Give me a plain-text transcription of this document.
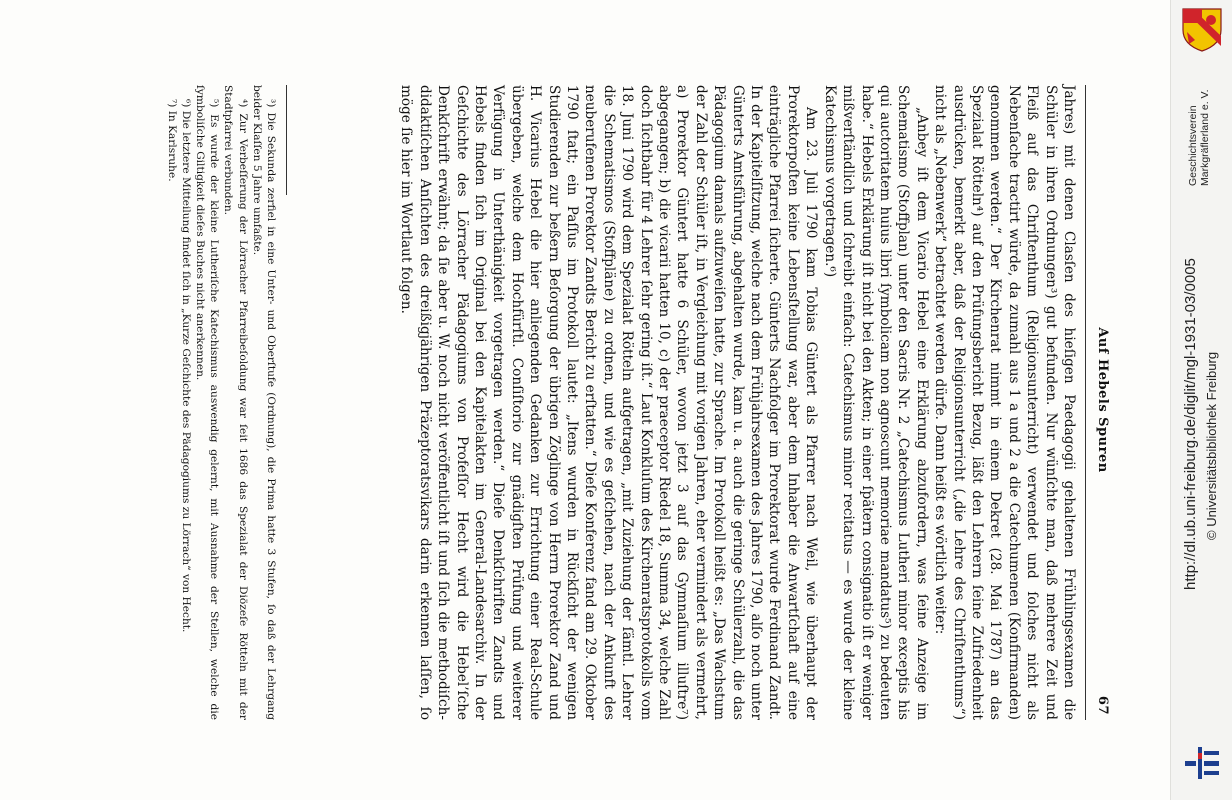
Auf Hebels Spuren
67

Jahres) mit denen Clasſen des hieſigen Paedagogii gehaltenen Frühlingsexamen die Schüler in ihren Ordnungen³) gut befunden. Nur wünſchte man, daß mehrere Zeit und Fleiß auf das Chriſtenthum (Religionsunterricht) verwendet und ſolches nicht als Nebenſache tractirt würde, da zumahl aus 1 a und 2 a die Catechumenen (Konfirmanden) genommen werden.“ Der Kirchenrat nimmt in einem Dekret (28. Mai 1787) an das Spezialat Rötteln⁴) auf den Prüfungsbericht Bezug, läßt den Lehrern ſeine Zufriedenheit ausdrücken, bemerkt aber, daß der Religionsunterricht („die Lehre des Chriſtenthums“) nicht als „Nebenwerk“ betrachtet werden dürfe. Dann heißt es wörtlich weiter:

„Anbey iſt dem Vicario Hebel eine Erklärung abzufordern, was ſeine Anzeige im Schematismo (Stoffplan) unter den Sacris Nr. 2 „Catechismus Lutheri minor exceptis his qui auctoritatem huius libri ſymbolicam non agnoscunt memoriae mandatus⁵) zu bedeuten habe.“ Hebels Erklärung iſt nicht bei den Akten; in einer ſpätern consignatio iſt er weniger mißverſtändlich und ſchreibt einfach: Catechismus minor recitatus — es wurde der kleine Katechismus vorgetragen.⁶)

Am 23. Juli 1790 kam Tobias Güntert als Pfarrer nach Weil, wie überhaupt der Prorektorpoſten keine Lebensſtellung war, aber dem Inhaber die Anwartſchaft auf eine einträgliche Pfarrei ſicherte. Günterts Nachfolger im Prorektorat wurde Ferdinand Zandt. In der Kapitelſitzung, welche nach dem Frühjahrsexamen des Jahres 1790, alſo noch unter Günterts Amtsführung, abgehalten wurde, kam u. a. auch die geringe Schülerzahl, die das Pädagogium damals aufzuweiſen hatte, zur Sprache. Im Protokoll heißt es: „Das Wachstum der Zahl der Schüler iſt, in Vergleichung mit vorigen Jahren, eher vermindert als vermehrt, a) Prorektor Güntert hatte 6 Schüler, wovon jetzt 3 auf das Gymnaſium illuſtre⁷) abgegangen; b) die vicarii hatten 10, c) der praeceptor Riedel 18, Summa 34, welche Zahl doch ſichtbahr für 4 Lehrer ſehr gering iſt.“ Laut Konkluſum des Kirchenratsprotokolls vom 18. Juni 1790 wird dem Spezialat Rötteln aufgetragen, „mit Zuziehung der ſämtl. Lehrer die Schematismos (Stoffpläne) zu ordnen, und wie es geſchehen, nach der Ankunft des neuberufenen Prorektor Zandts Bericht zu erſtatten.“ Dieſe Konferenz fand am 29. Oktober 1790 ſtatt; ein Paſſus im Protokoll lautet: „Itens wurden in Rückſicht der wenigen Studierenden zur beßern Beſorgung der übrigen Zöglinge von Herrn Prorektor Zand und H. Vicarius Hebel die hier anliegenden Gedanken zur Errichtung einer Real-Schule übergeben, welche dem Hochfürſtl. Conſiſtorio zur gnädigſten Prüfung und weiterer Verfügung in Unterthänigkeit vorgetragen werden.“ Dieſe Denkſchriften Zandts und Hebels finden ſich im Original bei den Kapitelakten im General-Landesarchiv. In der Geſchichte des Lörracher Pädagogiums von Profeſſor Hecht wird die Hebel’ſche Denkſchrift erwähnt; da ſie aber u. W. noch nicht veröffentlicht iſt und ſich die methodiſch-didaktiſchen Anſichten des dreißigjährigen Präzeptoratsvikars darin erkennen laſſen, ſo möge ſie hier im Wortlaut folgen.

³) Die Sekunda zerfiel in eine Unter- und Oberſtufe (Ordnung), die Prima hatte 3 Stufen, ſo daß der Lehrgang beider Klaſſen 5 Jahre umfaßte.

⁴) Zur Verbeſſerung der Lörracher Pfarreibeſoldung war ſeit 1686 das Spezialat der Diözeſe Rötteln mit der Stadtpfarrei verbunden.

⁵) Es wurde der kleine Lutheriſche Katechismus auswendig gelernt, mit Ausnahme der Stellen, welche die ſymboliſche Giltigkeit dieſes Buches nicht anerkennen.

⁶) Die letztere Mitteilung findet ſich in „Kurze Geſchichte des Pädagogiums zu Lörrach“ von Hecht.

⁷) In Karlsruhe.	Geschichtsverein Markgräflerland e. V.
http://dl.ub.uni-freiburg.de/diglit/mgl-1931-03/0005 © Universitätsbibliothek Freiburg
